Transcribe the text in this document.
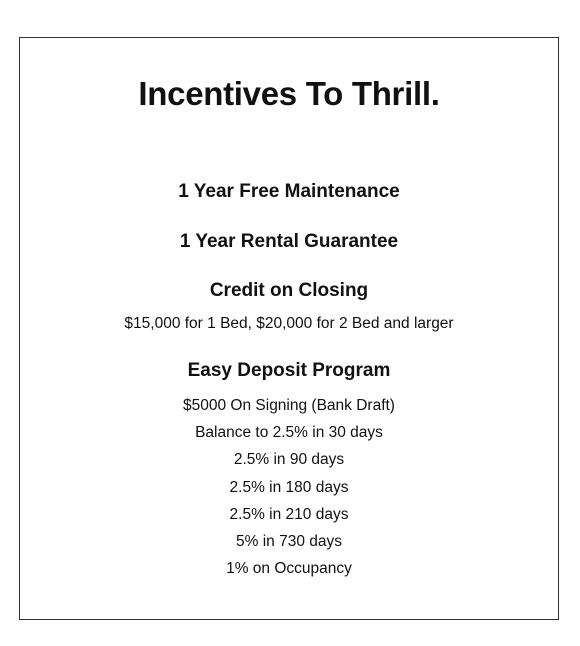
Incentives To Thrill.
1 Year Free Maintenance
1 Year Rental Guarantee
Credit on Closing

$15,000 for 1 Bed, $20,000 for 2 Bed and larger

Easy Deposit Program

$5000 On Signing (Bank Draft)

Balance to 2.5% in 30 days

2.5% in 90 days

2.5% in 180 days

2.5% in 210 days

5% in 730 days

1% on Occupancy
